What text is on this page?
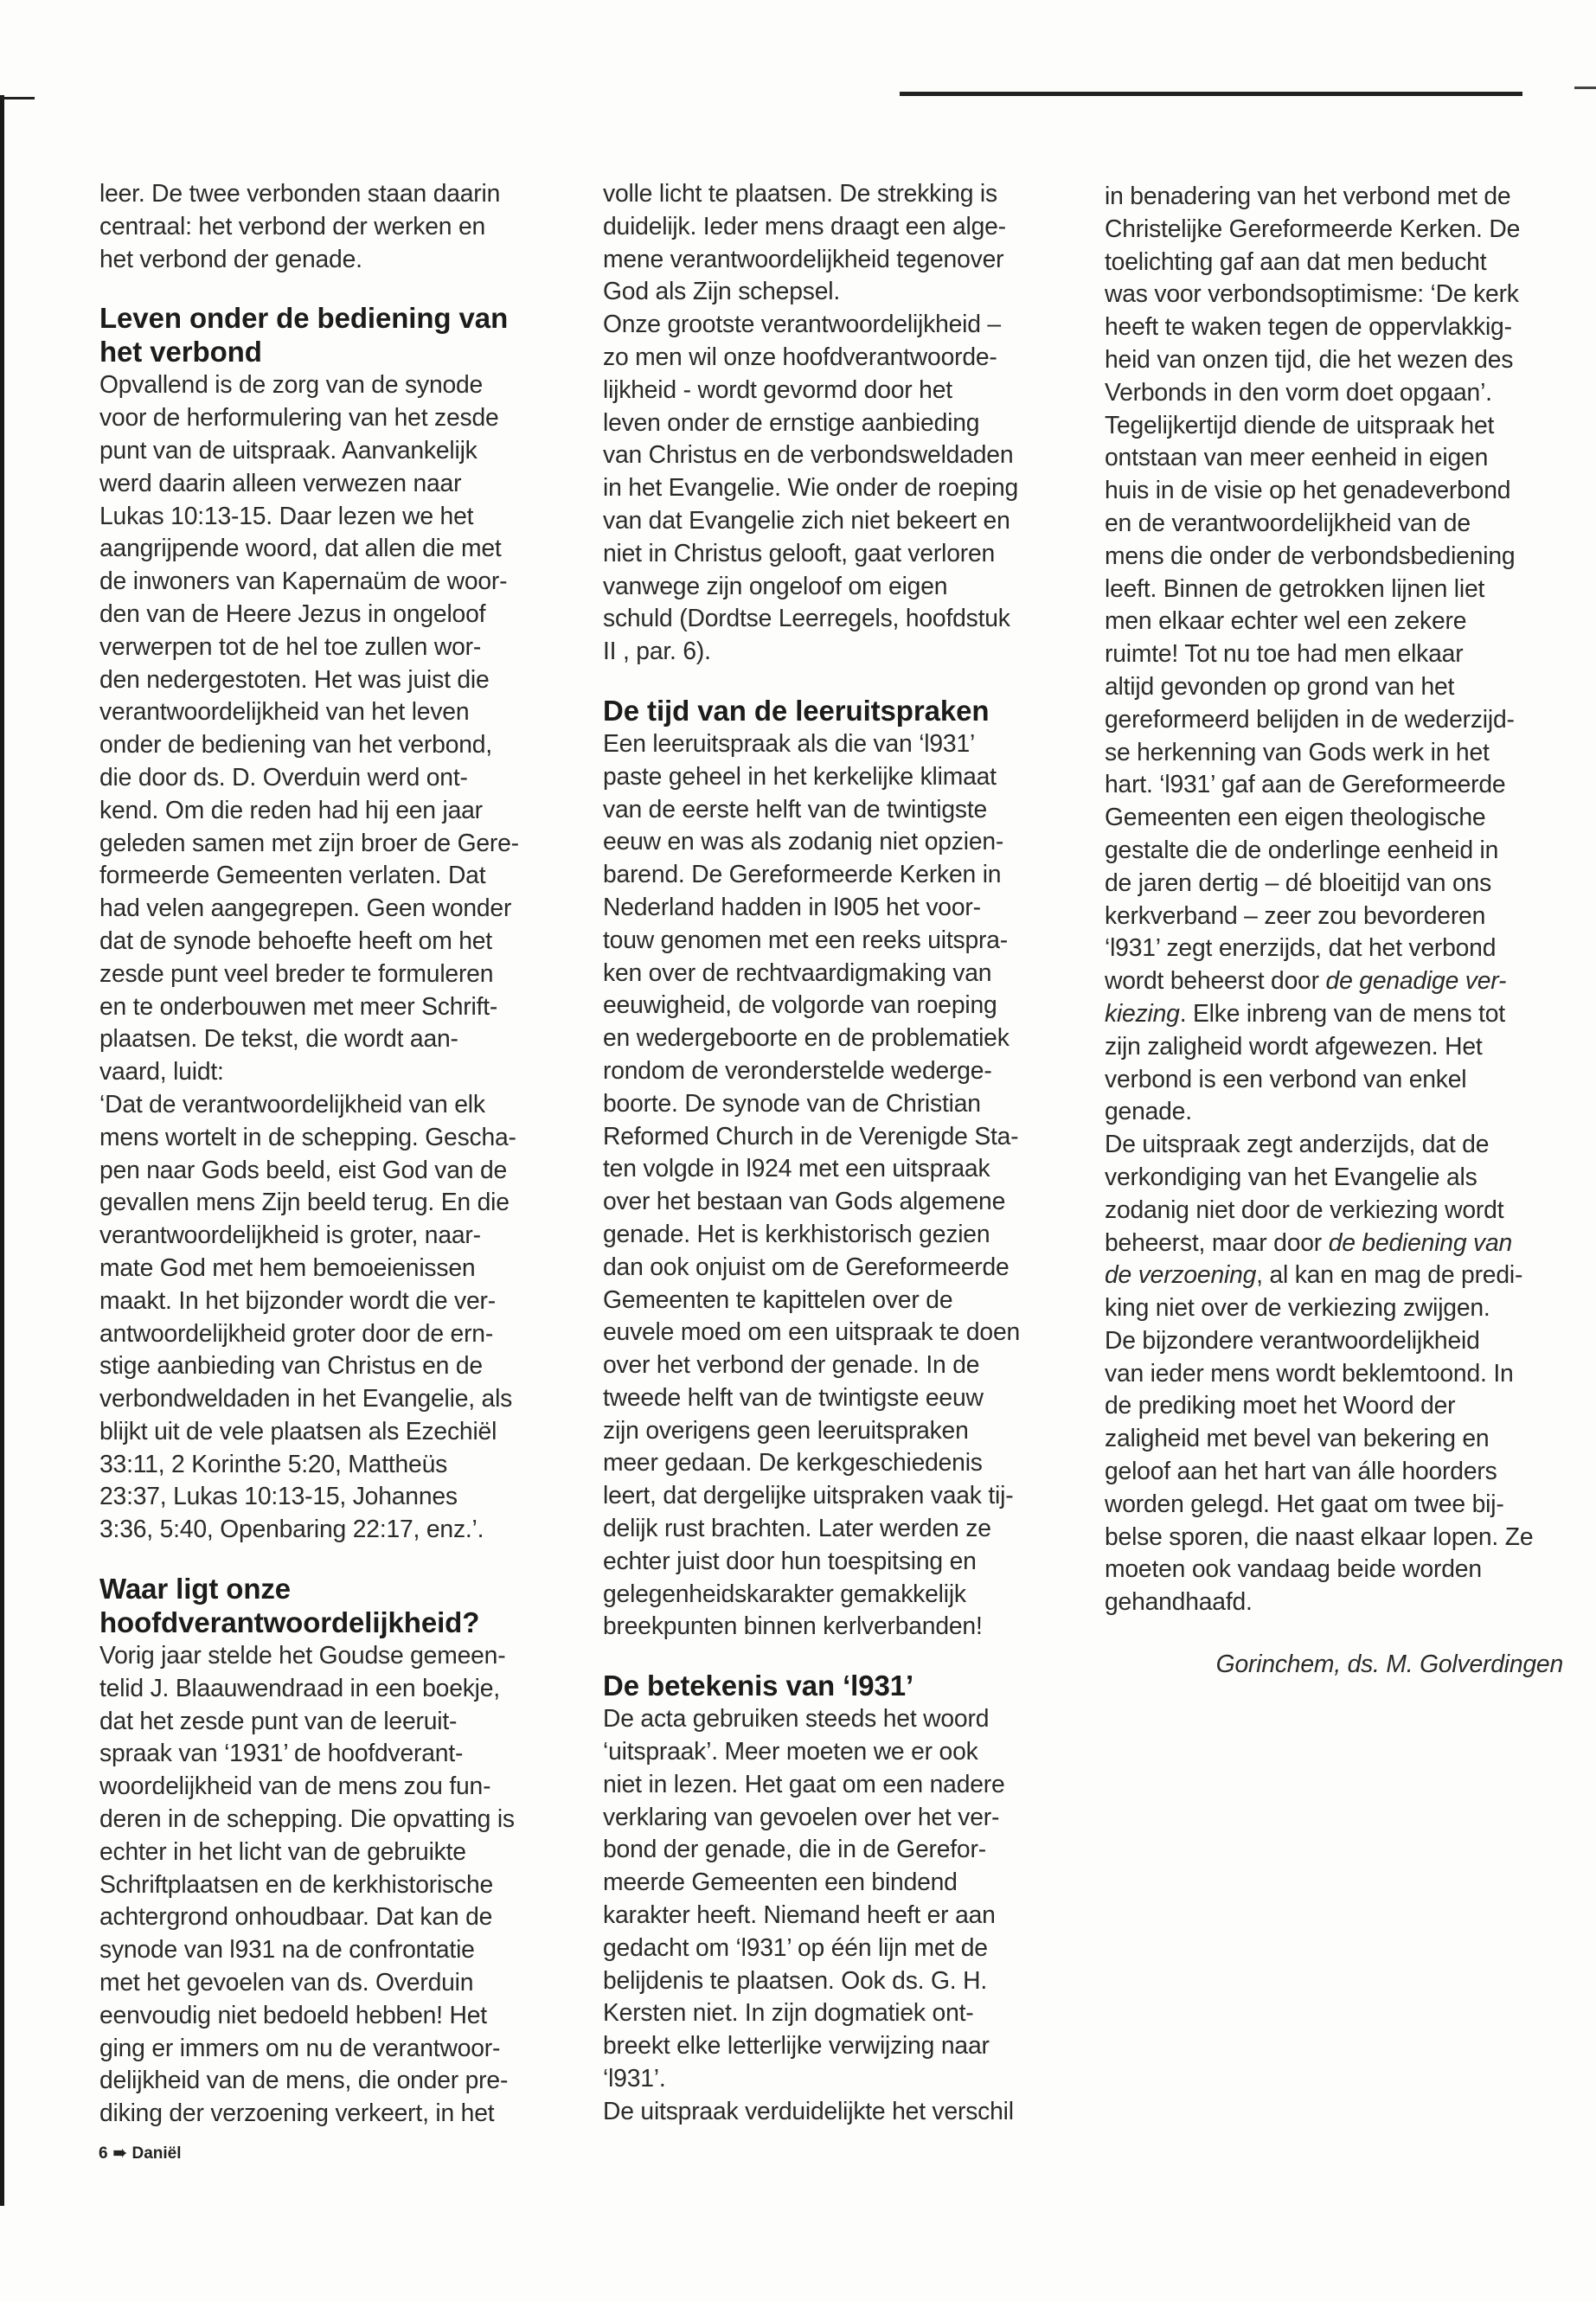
leer. De twee verbonden staan daarin

centraal: het verbond der werken en

het verbond der genade.

Leven onder de bediening van
het verbond

Opvallend is de zorg van de synode

voor de herformulering van het zesde

punt van de uitspraak. Aanvankelijk

werd daarin alleen verwezen naar

Lukas 10:13-15. Daar lezen we het

aangrijpende woord, dat allen die met

de inwoners van Kapernaüm de woor-

den van de Heere Jezus in ongeloof

verwerpen tot de hel toe zullen wor-

den nedergestoten. Het was juist die

verantwoordelijkheid van het leven

onder de bediening van het verbond,

die door ds. D. Overduin werd ont-

kend. Om die reden had hij een jaar

geleden samen met zijn broer de Gere-

formeerde Gemeenten verlaten. Dat

had velen aangegrepen. Geen wonder

dat de synode behoefte heeft om het

zesde punt veel breder te formuleren

en te onderbouwen met meer Schrift-

plaatsen. De tekst, die wordt aan-

vaard, luidt:

‘Dat de verantwoordelijkheid van elk

mens wortelt in de schepping. Gescha-

pen naar Gods beeld, eist God van de

gevallen mens Zijn beeld terug. En die

verantwoordelijkheid is groter, naar-

mate God met hem bemoeienissen

maakt. In het bijzonder wordt die ver-

antwoordelijkheid groter door de ern-

stige aanbieding van Christus en de

verbondweldaden in het Evangelie, als

blijkt uit de vele plaatsen als Ezechiël

33:11, 2 Korinthe 5:20, Mattheüs

23:37, Lukas 10:13-15, Johannes

3:36, 5:40, Openbaring 22:17, enz.’.

Waar ligt onze
hoofdverantwoordelijkheid?

Vorig jaar stelde het Goudse gemeen-

telid J. Blaauwendraad in een boekje,

dat het zesde punt van de leeruit-

spraak van ‘1931’ de hoofdverant-

woordelijkheid van de mens zou fun-

deren in de schepping. Die opvatting is

echter in het licht van de gebruikte

Schriftplaatsen en de kerkhistorische

achtergrond onhoudbaar. Dat kan de

synode van l931 na de confrontatie

met het gevoelen van ds. Overduin

eenvoudig niet bedoeld hebben! Het

ging er immers om nu de verantwoor-

delijkheid van de mens, die onder pre-

diking der verzoening verkeert, in het

volle licht te plaatsen. De strekking is

duidelijk. Ieder mens draagt een alge-

mene verantwoordelijkheid tegenover

God als Zijn schepsel.

Onze grootste verantwoordelijkheid –

zo men wil onze hoofdverantwoorde-

lijkheid - wordt gevormd door het

leven onder de ernstige aanbieding

van Christus en de verbondsweldaden

in het Evangelie. Wie onder de roeping

van dat Evangelie zich niet bekeert en

niet in Christus gelooft, gaat verloren

vanwege zijn ongeloof om eigen

schuld (Dordtse Leerregels, hoofdstuk

II , par. 6).

De tijd van de leeruitspraken

Een leeruitspraak als die van ‘l931’

paste geheel in het kerkelijke klimaat

van de eerste helft van de twintigste

eeuw en was als zodanig niet opzien-

barend. De Gereformeerde Kerken in

Nederland hadden in l905 het voor-

touw genomen met een reeks uitspra-

ken over de rechtvaardigmaking van

eeuwigheid, de volgorde van roeping

en wedergeboorte en de problematiek

rondom de veronderstelde wederge-

boorte. De synode van de Christian

Reformed Church in de Verenigde Sta-

ten volgde in l924 met een uitspraak

over het bestaan van Gods algemene

genade. Het is kerkhistorisch gezien

dan ook onjuist om de Gereformeerde

Gemeenten te kapittelen over de

euvele moed om een uitspraak te doen

over het verbond der genade. In de

tweede helft van de twintigste eeuw

zijn overigens geen leeruitspraken

meer gedaan. De kerkgeschiedenis

leert, dat dergelijke uitspraken vaak tij-

delijk rust brachten. Later werden ze

echter juist door hun toespitsing en

gelegenheidskarakter gemakkelijk

breekpunten binnen kerlverbanden!

De betekenis van ‘l931’

De acta gebruiken steeds het woord

‘uitspraak’. Meer moeten we er ook

niet in lezen. Het gaat om een nadere

verklaring van gevoelen over het ver-

bond der genade, die in de Gerefor-

meerde Gemeenten een bindend

karakter heeft. Niemand heeft er aan

gedacht om ‘l931’ op één lijn met de

belijdenis te plaatsen. Ook ds. G. H.

Kersten niet. In zijn dogmatiek ont-

breekt elke letterlijke verwijzing naar

‘l931’.

De uitspraak verduidelijkte het verschil

in benadering van het verbond met de

Christelijke Gereformeerde Kerken. De

toelichting gaf aan dat men beducht

was voor verbondsoptimisme: ‘De kerk

heeft te waken tegen de oppervlakkig-

heid van onzen tijd, die het wezen des

Verbonds in den vorm doet opgaan’.

Tegelijkertijd diende de uitspraak het

ontstaan van meer eenheid in eigen

huis in de visie op het genadeverbond

en de verantwoordelijkheid van de

mens die onder de verbondsbediening

leeft. Binnen de getrokken lijnen liet

men elkaar echter wel een zekere

ruimte! Tot nu toe had men elkaar

altijd gevonden op grond van het

gereformeerd belijden in de wederzijd-

se herkenning van Gods werk in het

hart. ‘l931’ gaf aan de Gereformeerde

Gemeenten een eigen theologische

gestalte die de onderlinge eenheid in

de jaren dertig – dé bloeitijd van ons

kerkverband – zeer zou bevorderen

‘l931’ zegt enerzijds, dat het verbond

wordt beheerst door de genadige ver-

kiezing. Elke inbreng van de mens tot

zijn zaligheid wordt afgewezen. Het

verbond is een verbond van enkel

genade.

De uitspraak zegt anderzijds, dat de

verkondiging van het Evangelie als

zodanig niet door de verkiezing wordt

beheerst, maar door de bediening van

de verzoening, al kan en mag de predi-

king niet over de verkiezing zwijgen.

De bijzondere verantwoordelijkheid

van ieder mens wordt beklemtoond. In

de prediking moet het Woord der

zaligheid met bevel van bekering en

geloof aan het hart van álle hoorders

worden gelegd. Het gaat om twee bij-

belse sporen, die naast elkaar lopen. Ze

moeten ook vandaag beide worden

gehandhaafd.

Gorinchem, ds. M. Golverdingen

6 ➠ Daniël
